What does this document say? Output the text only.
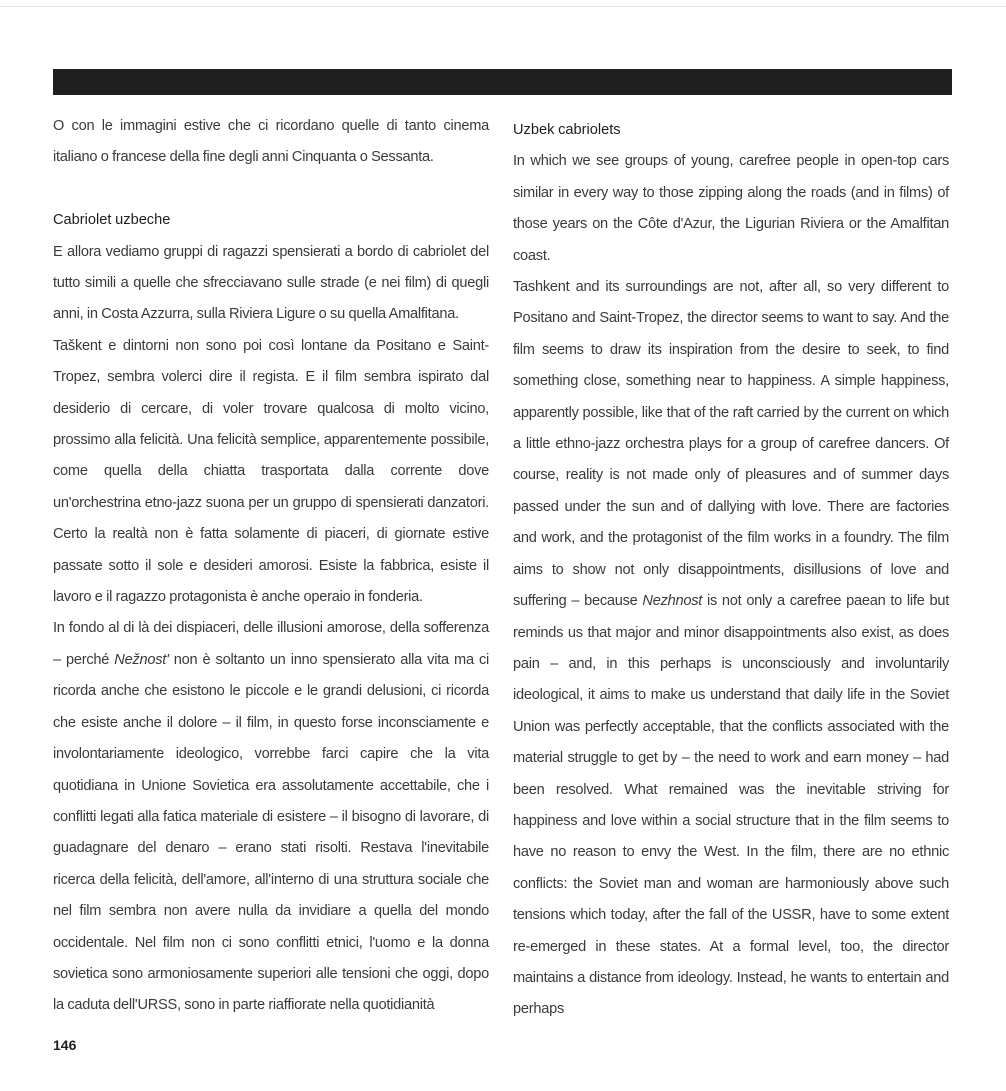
O con le immagini estive che ci ricordano quelle di tanto cinema italiano o francese della fine degli anni Cinquanta o Sessanta.

Cabriolet uzbeche

E allora vediamo gruppi di ragazzi spensierati a bordo di cabriolet del tutto simili a quelle che sfrecciavano sulle strade (e nei film) di quegli anni, in Costa Azzurra, sulla Riviera Ligure o su quella Amalfitana.

Taškent e dintorni non sono poi così lontane da Positano e Saint-Tropez, sembra volerci dire il regista. E il film sembra ispirato dal desiderio di cercare, di voler trovare qualcosa di molto vicino, prossimo alla felicità. Una felicità semplice, apparentemente possibile, come quella della chiatta trasportata dalla corrente dove un'orchestrina etno-jazz suona per un gruppo di spensierati danzatori. Certo la realtà non è fatta solamente di piaceri, di giornate estive passate sotto il sole e desideri amorosi. Esiste la fabbrica, esiste il lavoro e il ragazzo protagonista è anche operaio in fonderia.

In fondo al di là dei dispiaceri, delle illusioni amorose, della sofferenza – perché Nežnost' non è soltanto un inno spensierato alla vita ma ci ricorda anche che esistono le piccole e le grandi delusioni, ci ricorda che esiste anche il dolore – il film, in questo forse inconsciamente e involontariamente ideologico, vorrebbe farci capire che la vita quotidiana in Unione Sovietica era assolutamente accettabile, che i conflitti legati alla fatica materiale di esistere – il bisogno di lavorare, di guadagnare del denaro – erano stati risolti. Restava l'inevitabile ricerca della felicità, dell'amore, all'interno di una struttura sociale che nel film sembra non avere nulla da invidiare a quella del mondo occidentale. Nel film non ci sono conflitti etnici, l'uomo e la donna sovietica sono armoniosamente superiori alle tensioni che oggi, dopo la caduta dell'URSS, sono in parte riaffiorate nella quotidianità

Uzbek cabriolets

In which we see groups of young, carefree people in open-top cars similar in every way to those zipping along the roads (and in films) of those years on the Côte d'Azur, the Ligurian Riviera or the Amalfitan coast.

Tashkent and its surroundings are not, after all, so very different to Positano and Saint-Tropez, the director seems to want to say. And the film seems to draw its inspiration from the desire to seek, to find something close, something near to happiness. A simple happiness, apparently possible, like that of the raft carried by the current on which a little ethno-jazz orchestra plays for a group of carefree dancers. Of course, reality is not made only of pleasures and of summer days passed under the sun and of dallying with love. There are factories and work, and the protagonist of the film works in a foundry. The film aims to show not only disappointments, disillusions of love and suffering – because Nezhnost is not only a carefree paean to life but reminds us that major and minor disappointments also exist, as does pain – and, in this perhaps is unconsciously and involuntarily ideological, it aims to make us understand that daily life in the Soviet Union was perfectly acceptable, that the conflicts associated with the material struggle to get by – the need to work and earn money – had been resolved. What remained was the inevitable striving for happiness and love within a social structure that in the film seems to have no reason to envy the West. In the film, there are no ethnic conflicts: the Soviet man and woman are harmoniously above such tensions which today, after the fall of the USSR, have to some extent re-emerged in these states. At a formal level, too, the director maintains a distance from ideology. Instead, he wants to entertain and perhaps

146
